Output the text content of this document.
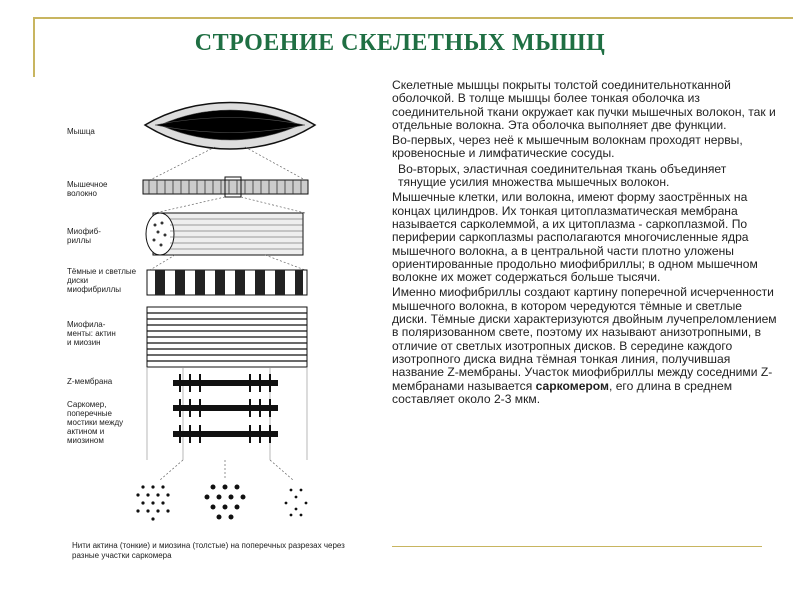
СТРОЕНИЕ СКЕЛЕТНЫХ МЫШЦ
Мышца
Мышечное волокно
Миофиб-риллы
Тёмные и светлые диски миофибриллы
Миофила-менты: актин и миозин
Z-мембрана
Саркомер, поперечные мостики между актином и миозином
Нити актина (тонкие) и миозина (толстые) на поперечных разрезах через разные участки саркомера

Скелетные мышцы покрыты толстой соединительнотканной оболочкой. В толще мышцы более тонкая оболочка из соединительной ткани окружает как пучки мышечных волокон, так и отдельные волокна. Эта оболочка выполняет две функции.

Во-первых, через неё к мышечным волокнам проходят нервы, кровеносные и лимфатические сосуды.

Во-вторых, эластичная соединительная ткань объединяет тянущие усилия множества мышечных волокон.

Мышечные клетки, или волокна, имеют форму заострённых на концах цилиндров. Их тонкая цитоплазматическая мембрана называется сарколеммой, а их цитоплазма - саркоплазмой. По периферии саркоплазмы располагаются многочисленные ядра мышечного волокна, а в центральной части плотно уложены ориентированные продольно миофибриллы; в одном мышечном волокне их может содержаться больше тысячи.

Именно миофибриллы создают картину поперечной исчерченности мышечного волокна, в котором чередуются тёмные и светлые диски. Тёмные диски характеризуются двойным лучепреломлением в поляризованном свете, поэтому их называют анизотропными, в отличие от светлых изотропных дисков. В середине каждого изотропного диска видна тёмная тонкая линия, получившая название Z-мембраны. Участок миофибриллы между соседними Z-мембранами называется саркомером, его длина в среднем составляет около 2-3 мкм.
